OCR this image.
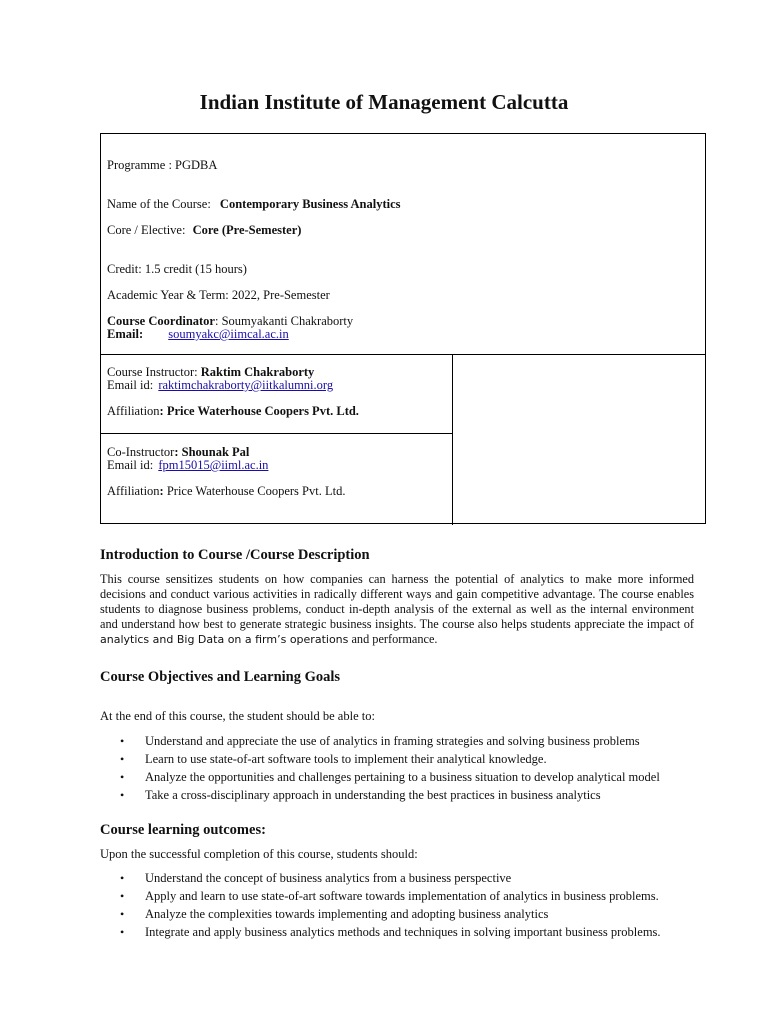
Indian Institute of Management Calcutta
Programme : PGDBA
Name of the Course: Contemporary Business Analytics
Core / Elective: Core (Pre-Semester)
Credit: 1.5 credit (15 hours)
Academic Year & Term: 2022, Pre-Semester
Course Coordinator: Soumyakanti Chakraborty
Email: soumyakc@iimcal.ac.in
Course Instructor: Raktim Chakraborty
Email id: raktimchakraborty@iitkalumni.org
Affiliation: Price Waterhouse Coopers Pvt. Ltd.
Co-Instructor: Shounak Pal
Email id: fpm15015@iiml.ac.in
Affiliation: Price Waterhouse Coopers Pvt. Ltd.
Introduction to Course /Course Description

This course sensitizes students on how companies can harness the potential of analytics to make more informed decisions and conduct various activities in radically different ways and gain competitive advantage. The course enables students to diagnose business problems, conduct in-depth analysis of the external as well as the internal environment and understand how best to generate strategic business insights. The course also helps students appreciate the impact of analytics and Big Data on a firm’s operations and performance.

Course Objectives and Learning Goals

At the end of this course, the student should be able to:

• Understand and appreciate the use of analytics in framing strategies and solving business problems
• Learn to use state-of-art software tools to implement their analytical knowledge.
• Analyze the opportunities and challenges pertaining to a business situation to develop analytical model
• Take a cross-disciplinary approach in understanding the best practices in business analytics
Course learning outcomes:

Upon the successful completion of this course, students should:

• Understand the concept of business analytics from a business perspective
• Apply and learn to use state-of-art software towards implementation of analytics in business problems.
• Analyze the complexities towards implementing and adopting business analytics
• Integrate and apply business analytics methods and techniques in solving important business problems.
